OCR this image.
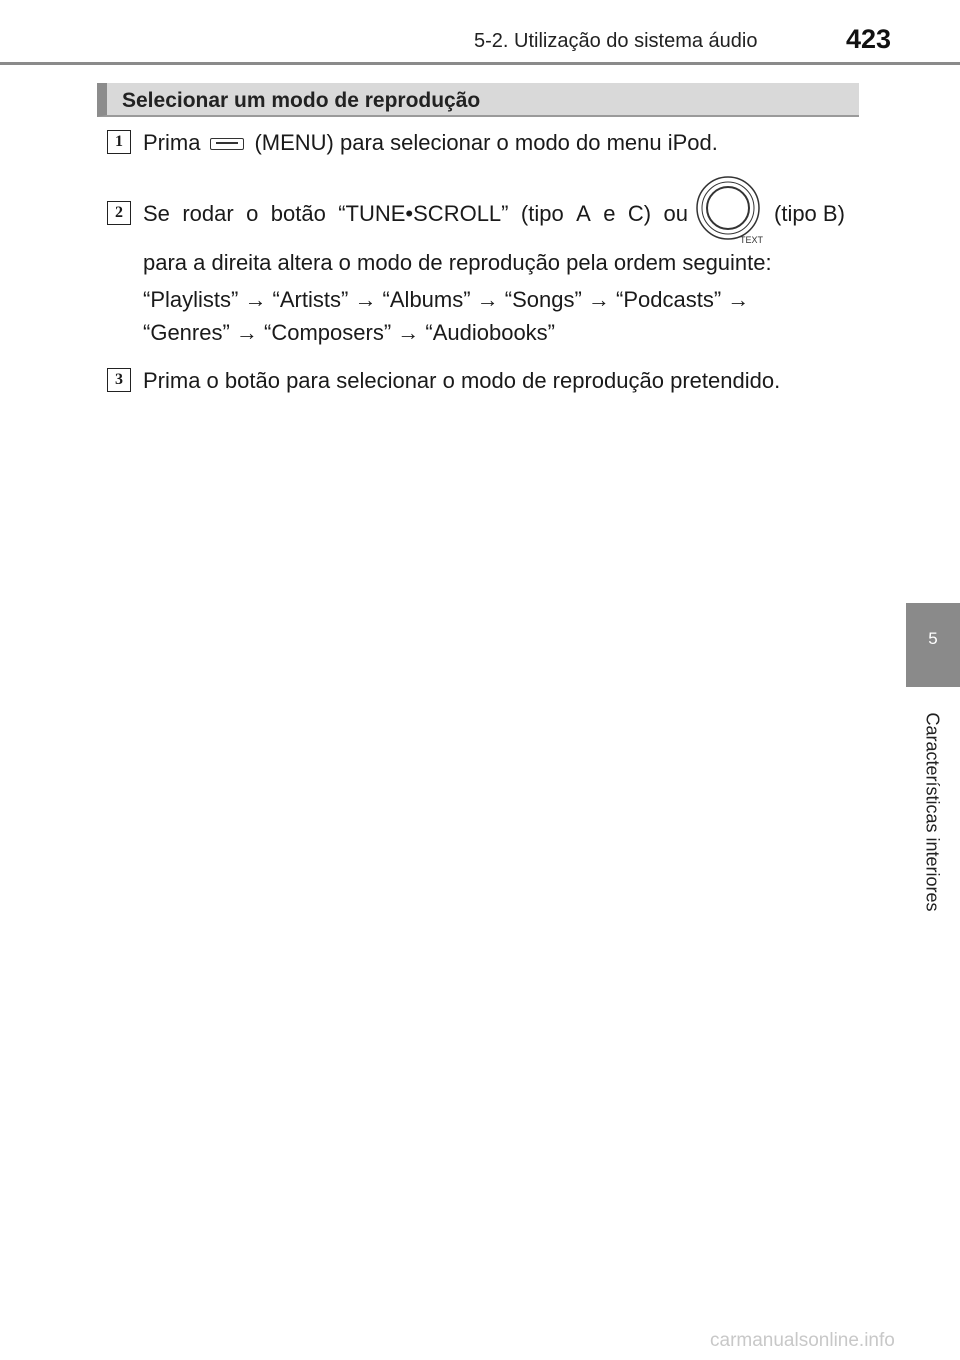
5-2. Utilização do sistema áudio	423
Selecionar um modo de reprodução
1 Prima (MENU) para selecionar o modo do menu iPod.
2 Se rodar o botão “TUNE•SCROLL” (tipo A e C) ou
TEXT
(tipo B)
para a direita altera o modo de reprodução pela ordem seguinte:
“Playlists” → “Artists” → “Albums” → “Songs” → “Podcasts” →
“Genres” → “Composers” → “Audiobooks”
3 Prima o botão para selecionar o modo de reprodução pretendido.
5
Características interiores
carmanualsonline.info
